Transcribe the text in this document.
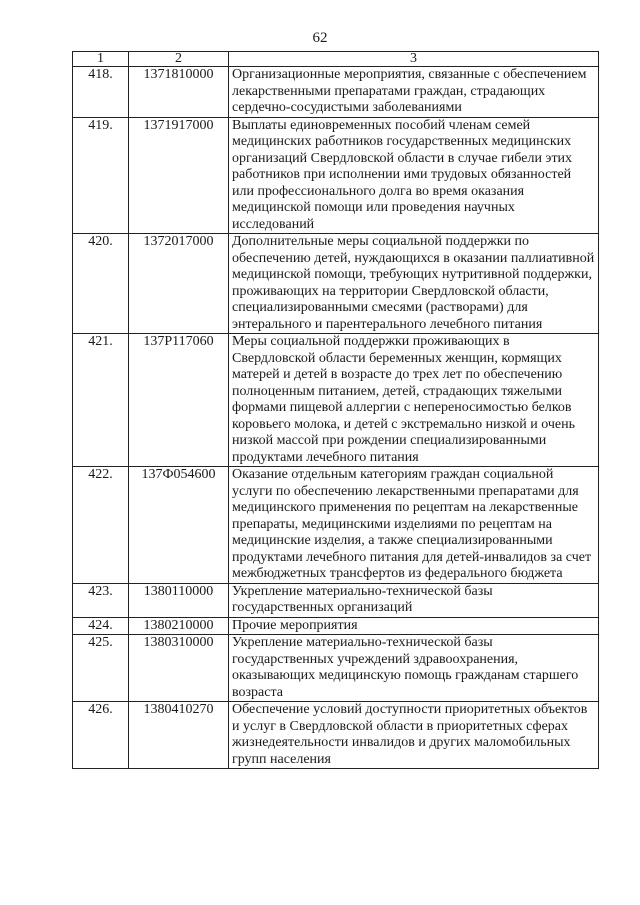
62
1	2	3
418.	1371810000	Организационные мероприятия, связанные с обеспечением лекарственными препаратами граждан, страдающих сердечно-сосудистыми заболеваниями
419.	1371917000	Выплаты единовременных пособий членам семей медицинских работников государственных медицинских организаций Свердловской области в случае гибели этих работников при исполнении ими трудовых обязанностей или профессионального долга во время оказания медицинской помощи или проведения научных исследований
420.	1372017000	Дополнительные меры социальной поддержки по обеспечению детей, нуждающихся в оказании паллиативной медицинской помощи, требующих нутритивной поддержки, проживающих на территории Свердловской области, специализированными смесями (растворами) для энтерального и парентерального лечебного питания
421.	137P117060	Меры социальной поддержки проживающих в Свердловской области беременных женщин, кормящих матерей и детей в возрасте до трех лет по обеспечению полноценным питанием, детей, страдающих тяжелыми формами пищевой аллергии с непереносимостью белков коровьего молока, и детей с экстремально низкой и очень низкой массой при рождении специализированными продуктами лечебного питания
422.	137Ф054600	Оказание отдельным категориям граждан социальной услуги по обеспечению лекарственными препаратами для медицинского применения по рецептам на лекарственные препараты, медицинскими изделиями по рецептам на медицинские изделия, а также специализированными продуктами лечебного питания для детей-инвалидов за счет межбюджетных трансфертов из федерального бюджета
423.	1380110000	Укрепление материально-технической базы государственных организаций
424.	1380210000	Прочие мероприятия
425.	1380310000	Укрепление материально-технической базы государственных учреждений здравоохранения, оказывающих медицинскую помощь гражданам старшего возраста
426.	1380410270	Обеспечение условий доступности приоритетных объектов и услуг в Свердловской области в приоритетных сферах жизнедеятельности инвалидов и других маломобильных групп населения
